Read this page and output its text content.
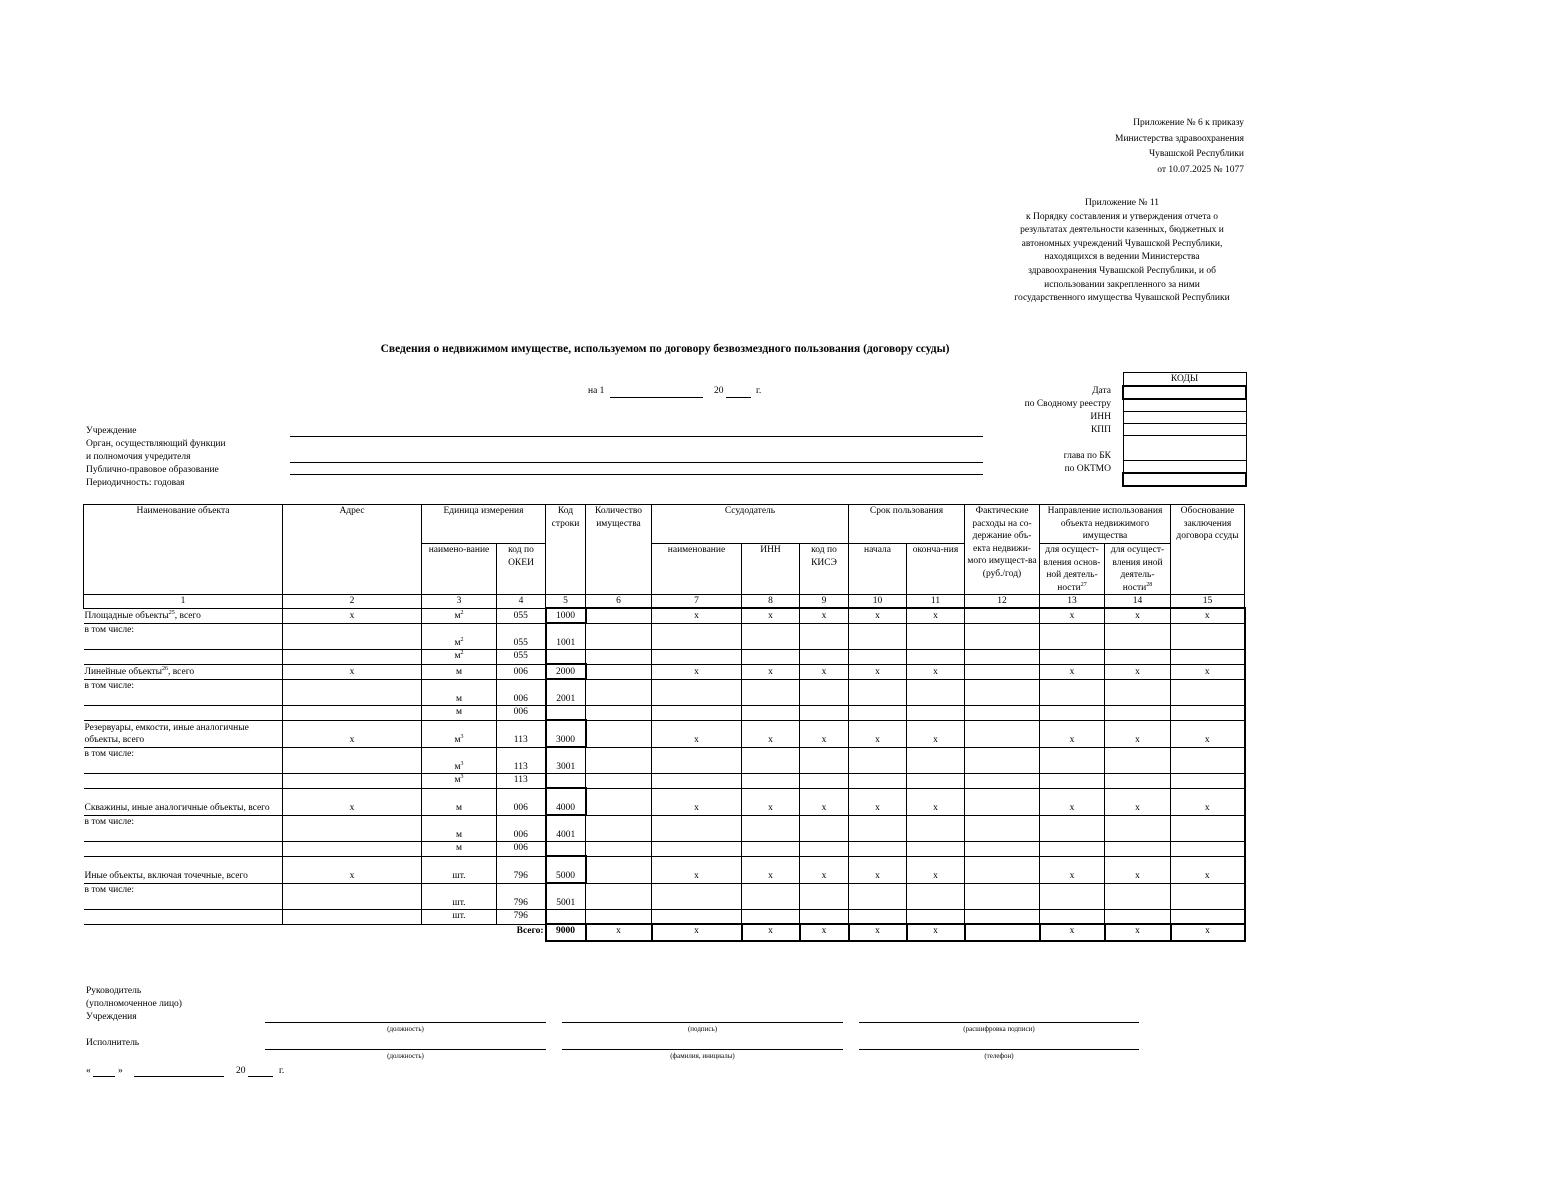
Приложение № 6 к приказу
Министерства здравоохранения
Чувашской Республики
от 10.07.2025 № 1077
Приложение № 11
к Порядку составления и утверждения отчета о
результатах деятельности казенных, бюджетных и
автономных учреждений Чувашской Республики,
находящихся в ведении Министерства
здравоохранения Чувашской Республики, и об
использовании закрепленного за ними
государственного имущества Чувашской Республики
Сведения о недвижимом имуществе, используемом по договору безвозмездного пользования (договору ссуды)
на 1	20	г.	Дата
по Сводному реестру
ИНН
КПП
глава по БК
по ОКТМО
КОДЫ

Учреждение
Орган, осуществляющий функции
и полномочия учредителя
Публично-правовое образование
Периодичность: годовая
Наименование объекта	Адрес	Единица измерения		Код строки	Количество имущества	Ссудодатель			Срок пользования		Фактические расходы на со-держание объ-екта недвижи-мого имущест-ва (руб./год)	Направление использования объекта недвижимого имущества		Обоснование заключения договора ссуды
		наимено-вание	код по ОКЕИ			наименование	ИНН	код по КИСЭ	начала	оконча-ния		для осущест-вления основ-ной деятель-ности$^{27}$	для осущест-вления иной деятель-ности$^{28}$
1	2	3	4	5	6	7	8	9	10	11	12	13	14	15
Площадные объекты$^{25}$, всего	х	$м^2$	055	1000		х	х	х	х	х		х	х	х
в том числе:		$м^2$	055	1001										
		$м^2$	055											
Линейные объекты$^{26}$, всего	х	м	006	2000		х	х	х	х	х		х	х	х
в том числе:		м	006	2001										
		м	006											
Резервуары, емкости, иные аналогичные объекты, всего	х	$м^3$	113	3000		х	х	х	х	х		х	х	х
в том числе:		$м^3$	113	3001										
		$м^3$	113											
Скважины, иные аналогичные объекты, всего	х	м	006	4000		х	х	х	х	х		х	х	х
в том числе:		м	006	4001										
		м	006											
Иные объекты, включая точечные, всего	х	шт.	796	5000		х	х	х	х	х		х	х	х
в том числе:		шт.	796	5001										
		шт.	796											
Всего:				9000	х	х	х	х	х	х		х	х	х
Руководитель
(уполномоченное лицо)
Учреждения
(должность)	(подпись)	(расшифровка подписи)
Исполнитель
(должность)	(фамилия, инициалы)	(телефон)
«	»	20	г.
